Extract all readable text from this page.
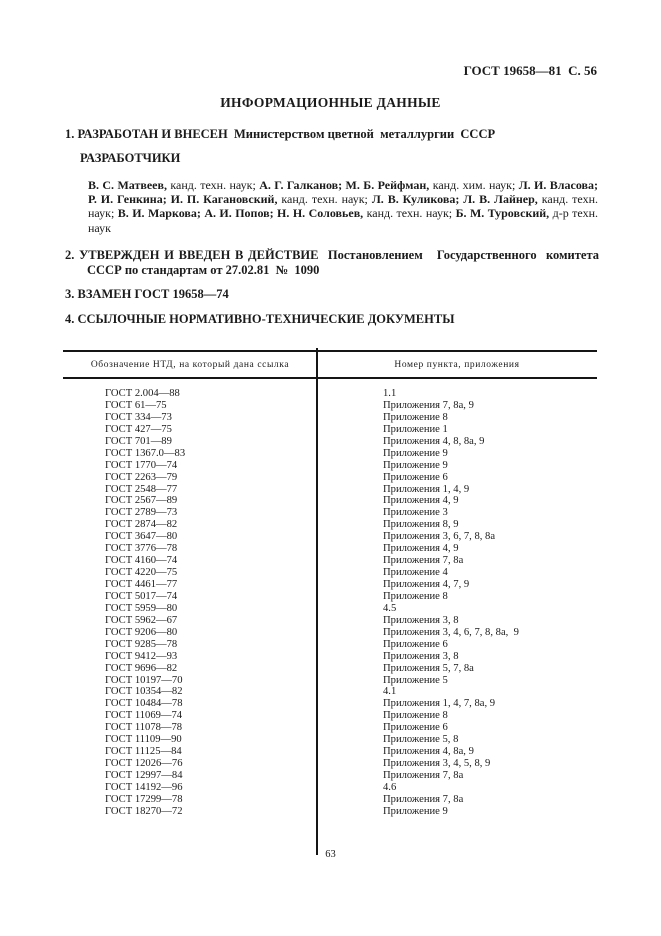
ГОСТ 19658—81  С. 56
ИНФОРМАЦИОННЫЕ ДАННЫЕ
1. РАЗРАБОТАН И ВНЕСЕН  Министерством цветной  металлургии  СССР
РАЗРАБОТЧИКИ
В. С. Матвеев, канд. техн. наук; А. Г. Галканов; М. Б. Рейфман, канд. хим. наук; Л. И. Власова; Р. И. Генкина; И. П. Кагановский, канд. техн. наук; Л. В. Куликова; Л. В. Лайнер, канд. техн. наук; В. И. Маркова; А. И. Попов; Н. Н. Соловьев, канд. техн. наук; Б. М. Туровский, д-р техн. наук
2. УТВЕРЖДЕН И ВВЕДЕН В ДЕЙСТВИЕ  Постановлением   Государственного  комитета СССР по стандартам от 27.02.81  №  1090
3. ВЗАМЕН ГОСТ 19658—74
4. ССЫЛОЧНЫЕ НОРМАТИВНО-ТЕХНИЧЕСКИЕ ДОКУМЕНТЫ
Обозначение НТД, на который дана ссылка	Номер пункта, приложения
ГОСТ 2.004—88	1.1
ГОСТ 61—75	Приложения 7, 8а, 9
ГОСТ 334—73	Приложение 8
ГОСТ 427—75	Приложение 1
ГОСТ 701—89	Приложения 4, 8, 8а, 9
ГОСТ 1367.0—83	Приложение 9
ГОСТ 1770—74	Приложение 9
ГОСТ 2263—79	Приложение 6
ГОСТ 2548—77	Приложения 1, 4, 9
ГОСТ 2567—89	Приложения 4, 9
ГОСТ 2789—73	Приложение 3
ГОСТ 2874—82	Приложения 8, 9
ГОСТ 3647—80	Приложения 3, 6, 7, 8, 8а
ГОСТ 3776—78	Приложения 4, 9
ГОСТ 4160—74	Приложения 7, 8а
ГОСТ 4220—75	Приложение 4
ГОСТ 4461—77	Приложения 4, 7, 9
ГОСТ 5017—74	Приложение 8
ГОСТ 5959—80	4.5
ГОСТ 5962—67	Приложения 3, 8
ГОСТ 9206—80	Приложения 3, 4, 6, 7, 8, 8а,  9
ГОСТ 9285—78	Приложение 6
ГОСТ 9412—93	Приложения 3, 8
ГОСТ 9696—82	Приложения 5, 7, 8а
ГОСТ 10197—70	Приложение 5
ГОСТ 10354—82	4.1
ГОСТ 10484—78	Приложения 1, 4, 7, 8а, 9
ГОСТ 11069—74	Приложение 8
ГОСТ 11078—78	Приложение 6
ГОСТ 11109—90	Приложение 5, 8
ГОСТ 11125—84	Приложения 4, 8а, 9
ГОСТ 12026—76	Приложения 3, 4, 5, 8, 9
ГОСТ 12997—84	Приложения 7, 8а
ГОСТ 14192—96	4.6
ГОСТ 17299—78	Приложения 7, 8а
ГОСТ 18270—72	Приложение 9
63
